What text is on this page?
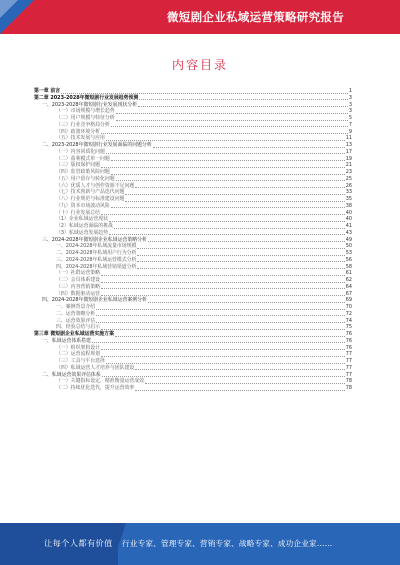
微短剧企业私域运营策略研究报告
内容目录
第一章 前言	1
第二章 2023-2028年微短剧行业发展趋势预测	3
一、2023-2028年微短剧行业发展现状分析	3
（一）市场规模与增长趋势	3
（二）用户规模与特征分析	5
（三）行业竞争格局分析	7
（四）政策环境分析	9
（五）技术发展与应用	11
二、2023-2028年微短剧行业发展面临的问题分析	13
（一）内容同质化问题	17
（二）盈利模式单一问题	19
（三）版权保护问题	21
（四）监管政策风险问题	23
（五）用户留存与转化问题	25
（六）优质人才与创作资源不足问题	26
（七）技术创新与产品迭代问题	33
（八）行业规范与标准建设问题	35
（九）资本市场波动风险	38
（十）行业发展总结	40
（1）企业私域运营现状	40
（2）私域运营面临的挑战	41
（3）私域运营发展趋势	43
三、2024-2028年微短剧企业私域运营策略分析	49
一、2024-2028年私域流量市场规模	50
二、2024-2028年私域用户行为分析	53
三、2024-2028年私域运营模式分析	56
四、2024-2028年私域营销渠道分析	58
（一）社群运营策略	61
（二）会员体系建设	62
（三）内容营销策略	64
（四）数据驱动运营	67
四、2024-2028年微短剧企业私域运营案例分析	69
一、案例背景介绍	70
二、运营策略分析	72
三、运营效果评估	74
四、经验总结与启示	75
第三章 微短剧企业私域运营实施方案	76
一、私域运营体系搭建	76
（一）组织架构设计	76
（二）运营流程规划	77
（三）工具与平台选择	77
（四）私域运营人才培养与团队建设	77
二、私域运营效果评估体系	77
（一）关键指标设定，精准衡量运营成效	78
（二）持续优化迭代，提升运营效率	78
让每个人都有价值 行业专家、管理专家、营销专家、战略专家、成功企业家……
